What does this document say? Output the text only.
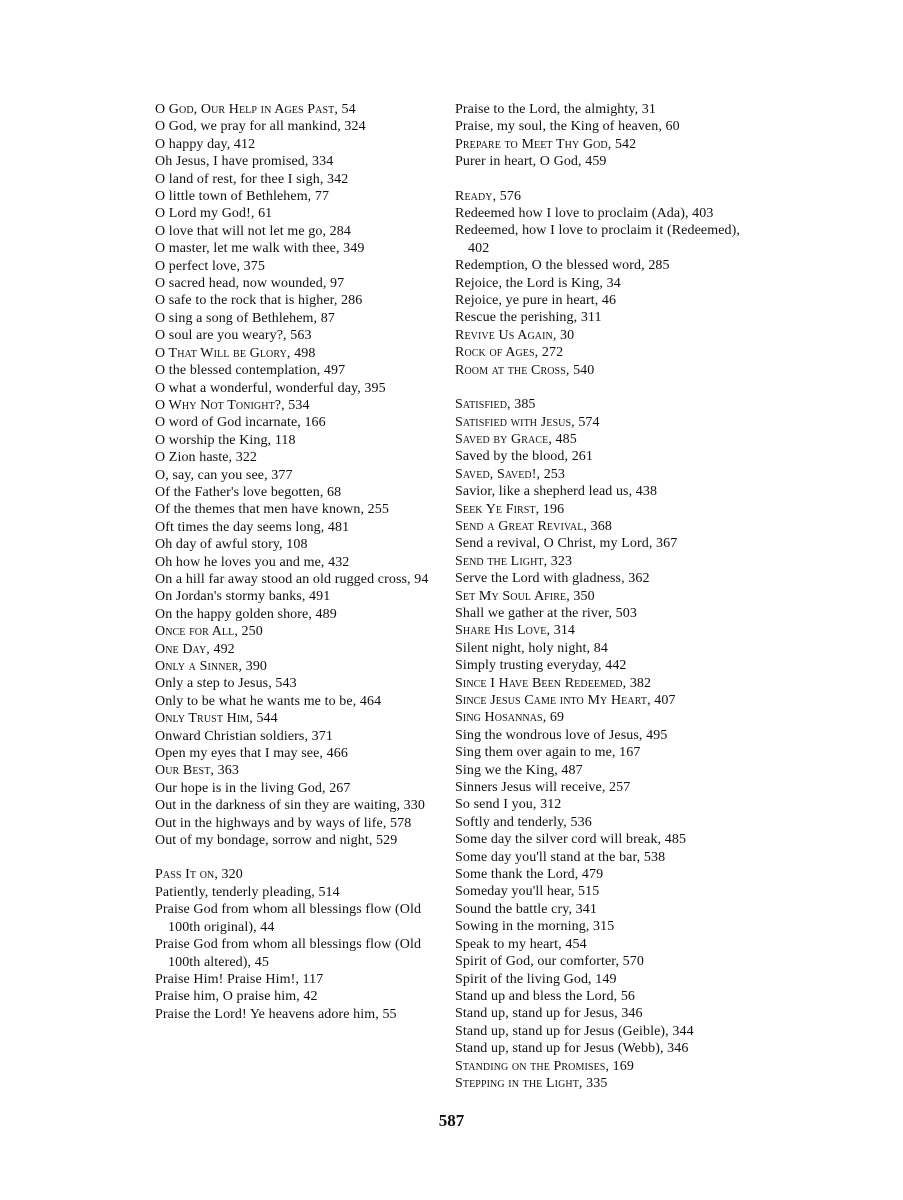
O God, Our Help in Ages Past, 54
O God, we pray for all mankind, 324
O happy day, 412
Oh Jesus, I have promised, 334
O land of rest, for thee I sigh, 342
O little town of Bethlehem, 77
O Lord my God!, 61
O love that will not let me go, 284
O master, let me walk with thee, 349
O perfect love, 375
O sacred head, now wounded, 97
O safe to the rock that is higher, 286
O sing a song of Bethlehem, 87
O soul are you weary?, 563
O That Will be Glory, 498
O the blessed contemplation, 497
O what a wonderful, wonderful day, 395
O Why Not Tonight?, 534
O word of God incarnate, 166
O worship the King, 118
O Zion haste, 322
O, say, can you see, 377
Of the Father's love begotten, 68
Of the themes that men have known, 255
Oft times the day seems long, 481
Oh day of awful story, 108
Oh how he loves you and me, 432
On a hill far away stood an old rugged cross, 94
On Jordan's stormy banks, 491
On the happy golden shore, 489
Once for All, 250
One Day, 492
Only a Sinner, 390
Only a step to Jesus, 543
Only to be what he wants me to be, 464
Only Trust Him, 544
Onward Christian soldiers, 371
Open my eyes that I may see, 466
Our Best, 363
Our hope is in the living God, 267
Out in the darkness of sin they are waiting, 330
Out in the highways and by ways of life, 578
Out of my bondage, sorrow and night, 529
Pass It on, 320
Patiently, tenderly pleading, 514
Praise God from whom all blessings flow (Old 100th original), 44
Praise God from whom all blessings flow (Old 100th altered), 45
Praise Him! Praise Him!, 117
Praise him, O praise him, 42
Praise the Lord! Ye heavens adore him, 55
Praise to the Lord, the almighty, 31
Praise, my soul, the King of heaven, 60
Prepare to Meet Thy God, 542
Purer in heart, O God, 459
Ready, 576
Redeemed how I love to proclaim (Ada), 403
Redeemed, how I love to proclaim it (Redeemed), 402
Redemption, O the blessed word, 285
Rejoice, the Lord is King, 34
Rejoice, ye pure in heart, 46
Rescue the perishing, 311
Revive Us Again, 30
Rock of Ages, 272
Room at the Cross, 540
Satisfied, 385
Satisfied with Jesus, 574
Saved by Grace, 485
Saved by the blood, 261
Saved, Saved!, 253
Savior, like a shepherd lead us, 438
Seek Ye First, 196
Send a Great Revival, 368
Send a revival, O Christ, my Lord, 367
Send the Light, 323
Serve the Lord with gladness, 362
Set My Soul Afire, 350
Shall we gather at the river, 503
Share His Love, 314
Silent night, holy night, 84
Simply trusting everyday, 442
Since I Have Been Redeemed, 382
Since Jesus Came into My Heart, 407
Sing Hosannas, 69
Sing the wondrous love of Jesus, 495
Sing them over again to me, 167
Sing we the King, 487
Sinners Jesus will receive, 257
So send I you, 312
Softly and tenderly, 536
Some day the silver cord will break, 485
Some day you'll stand at the bar, 538
Some thank the Lord, 479
Someday you'll hear, 515
Sound the battle cry, 341
Sowing in the morning, 315
Speak to my heart, 454
Spirit of God, our comforter, 570
Spirit of the living God, 149
Stand up and bless the Lord, 56
Stand up, stand up for Jesus, 346
Stand up, stand up for Jesus (Geible), 344
Stand up, stand up for Jesus (Webb), 346
Standing on the Promises, 169
Stepping in the Light, 335
587
